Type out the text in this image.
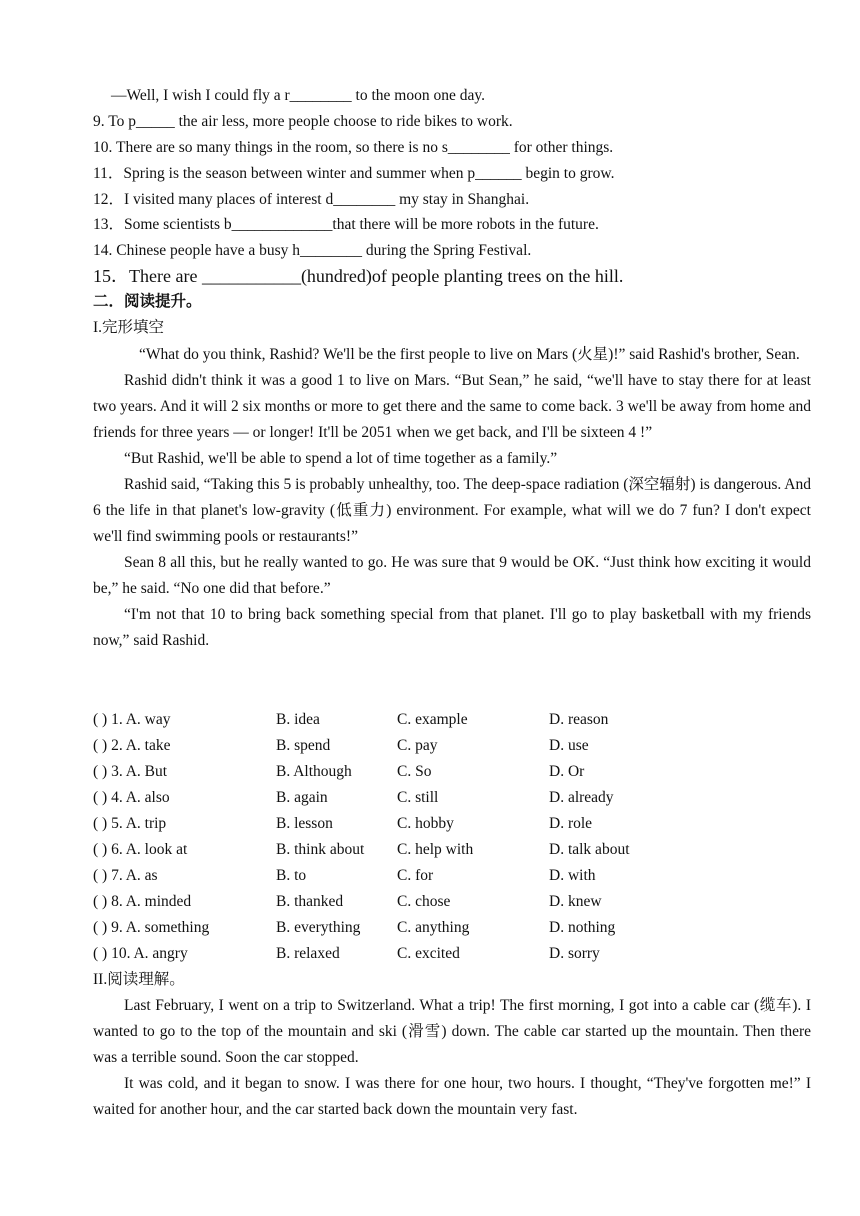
—Well, I wish I could fly a r________ to the moon one day.
9. To p_____ the air less, more people choose to ride bikes to work.
10. There are so many things in the room, so there is no s________ for other things.
11．Spring is the season between winter and summer when p______ begin to grow.
12．I visited many places of interest d________ my stay in Shanghai.
13．Some scientists b_____________that there will be more robots in the future.
14. Chinese people have a busy h________ during the Spring Festival.
15．There are ___________(hundred)of people planting trees on the hill.
二．阅读提升。
I.完形填空

“What do you think, Rashid? We'll be the first people to live on Mars (火星)!” said Rashid's brother, Sean.

Rashid didn't think it was a good 1 to live on Mars. “But Sean,” he said, “we'll have to stay there for at least two years. And it will 2 six months or more to get there and the same to come back. 3 we'll be away from home and friends for three years — or longer! It'll be 2051 when we get back, and I'll be sixteen 4 !”

“But Rashid, we'll be able to spend a lot of time together as a family.”

Rashid said, “Taking this 5 is probably unhealthy, too. The deep-space radiation (深空辐射) is dangerous. And 6 the life in that planet's low-gravity (低重力) environment. For example, what will we do 7 fun? I don't expect we'll find swimming pools or restaurants!”

Sean 8 all this, but he really wanted to go. He was sure that 9 would be OK. “Just think how exciting it would be,” he said. “No one did that before.”

“I'm not that 10 to bring back something special from that planet. I'll go to play basketball with my friends now,” said Rashid.

( ) 1. A. way	B. idea	C. example	D. reason
( ) 2. A. take	B. spend	C. pay	D. use
( ) 3. A. But	B. Although	C. So	D. Or
( ) 4. A. also	B. again	C. still	D. already
( ) 5. A. trip	B. lesson	C. hobby	D. role
( ) 6. A. look at	B. think about C. help with	D. talk about
( ) 7. A. as	B. to	C. for	D. with
( ) 8. A. minded	B. thanked	C. chose	D. knew
( ) 9. A. something	B. everything C. anything	D. nothing
( ) 10. A. angry	B. relaxed	C. excited	D. sorry
II.阅读理解。

Last February, I went on a trip to Switzerland. What a trip! The first morning, I got into a cable car (缆车). I wanted to go to the top of the mountain and ski (滑雪) down. The cable car started up the mountain. Then there was a terrible sound. Soon the car stopped.

It was cold, and it began to snow. I was there for one hour, two hours. I thought, “They've forgotten me!” I waited for another hour, and the car started back down the mountain very fast.
